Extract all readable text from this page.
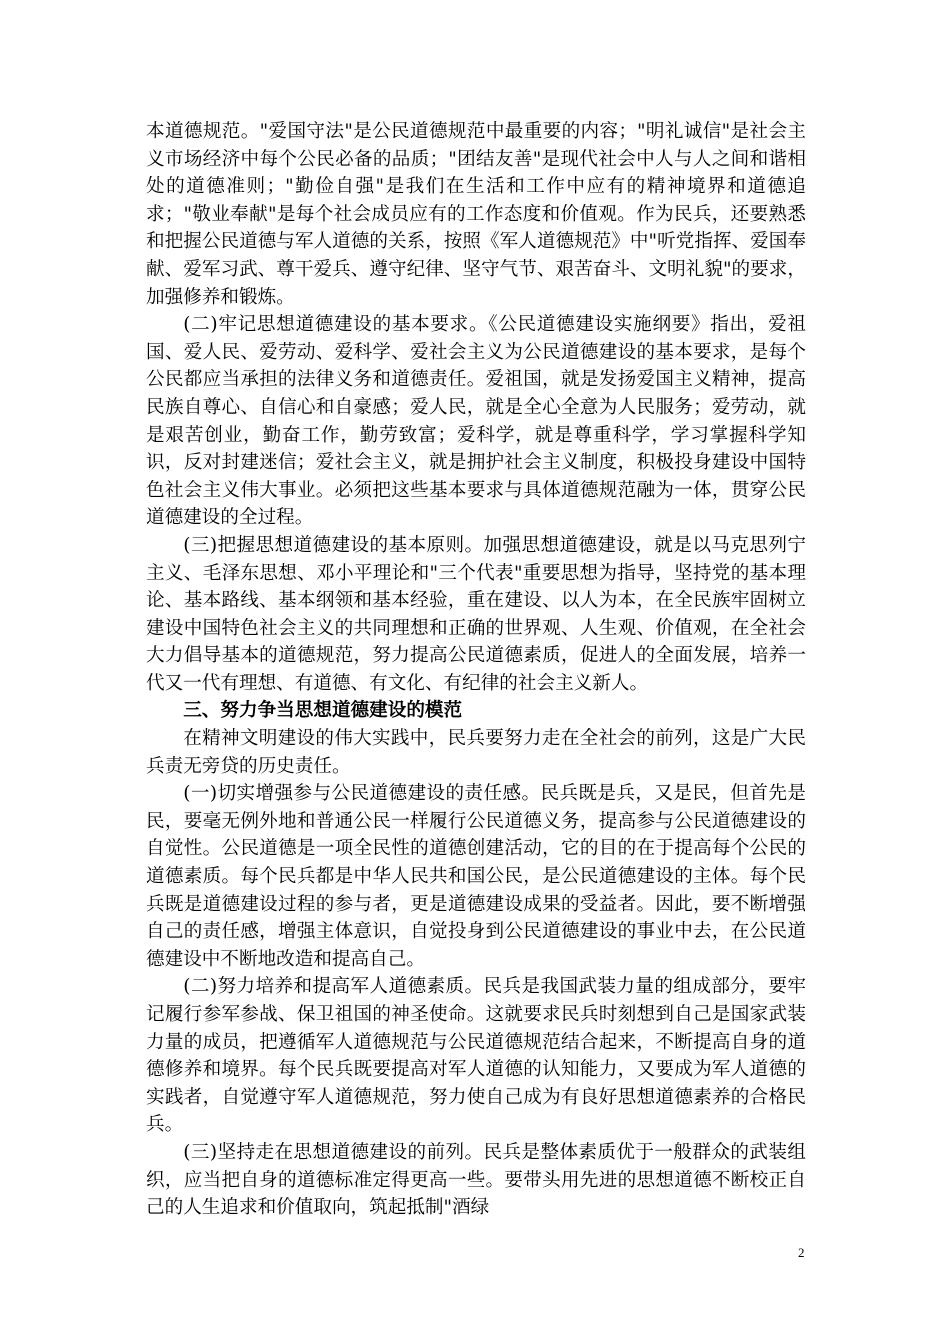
本道德规范。"爱国守法"是公民道德规范中最重要的内容；"明礼诚信"是社会主义市场经济中每个公民必备的品质；"团结友善"是现代社会中人与人之间和谐相处的道德准则；"勤俭自强"是我们在生活和工作中应有的精神境界和道德追求；"敬业奉献"是每个社会成员应有的工作态度和价值观。作为民兵，还要熟悉和把握公民道德与军人道德的关系，按照《军人道德规范》中"听党指挥、爱国奉献、爱军习武、尊干爱兵、遵守纪律、坚守气节、艰苦奋斗、文明礼貌"的要求，加强修养和锻炼。

(二)牢记思想道德建设的基本要求。《公民道德建设实施纲要》指出，爱祖国、爱人民、爱劳动、爱科学、爱社会主义为公民道德建设的基本要求，是每个公民都应当承担的法律义务和道德责任。爱祖国，就是发扬爱国主义精神，提高民族自尊心、自信心和自豪感；爱人民，就是全心全意为人民服务；爱劳动，就是艰苦创业，勤奋工作，勤劳致富；爱科学，就是尊重科学，学习掌握科学知识，反对封建迷信；爱社会主义，就是拥护社会主义制度，积极投身建设中国特色社会主义伟大事业。必须把这些基本要求与具体道德规范融为一体，贯穿公民道德建设的全过程。

(三)把握思想道德建设的基本原则。加强思想道德建设，就是以马克思列宁主义、毛泽东思想、邓小平理论和"三个代表"重要思想为指导，坚持党的基本理论、基本路线、基本纲领和基本经验，重在建设、以人为本，在全民族牢固树立建设中国特色社会主义的共同理想和正确的世界观、人生观、价值观，在全社会大力倡导基本的道德规范，努力提高公民道德素质，促进人的全面发展，培养一代又一代有理想、有道德、有文化、有纪律的社会主义新人。

三、努力争当思想道德建设的模范

在精神文明建设的伟大实践中，民兵要努力走在全社会的前列，这是广大民兵责无旁贷的历史责任。

(一)切实增强参与公民道德建设的责任感。民兵既是兵，又是民，但首先是民，要毫无例外地和普通公民一样履行公民道德义务，提高参与公民道德建设的自觉性。公民道德是一项全民性的道德创建活动，它的目的在于提高每个公民的道德素质。每个民兵都是中华人民共和国公民，是公民道德建设的主体。每个民兵既是道德建设过程的参与者，更是道德建设成果的受益者。因此，要不断增强自己的责任感，增强主体意识，自觉投身到公民道德建设的事业中去，在公民道德建设中不断地改造和提高自己。

(二)努力培养和提高军人道德素质。民兵是我国武装力量的组成部分，要牢记履行参军参战、保卫祖国的神圣使命。这就要求民兵时刻想到自己是国家武装力量的成员，把遵循军人道德规范与公民道德规范结合起来，不断提高自身的道德修养和境界。每个民兵既要提高对军人道德的认知能力，又要成为军人道德的实践者，自觉遵守军人道德规范，努力使自己成为有良好思想道德素养的合格民兵。

(三)坚持走在思想道德建设的前列。民兵是整体素质优于一般群众的武装组织，应当把自身的道德标准定得更高一些。要带头用先进的思想道德不断校正自己的人生追求和价值取向，筑起抵制"酒绿

2
